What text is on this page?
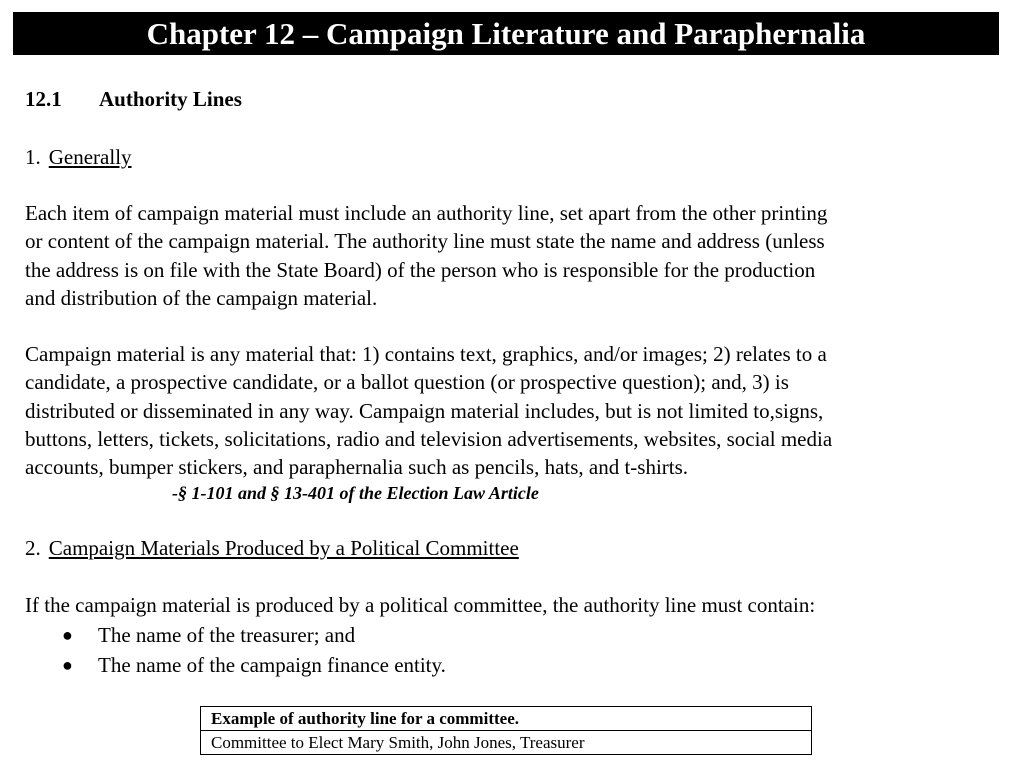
Chapter 12 – Campaign Literature and Paraphernalia
12.1 Authority Lines
1. Generally

Each item of campaign material must include an authority line, set apart from the other printing

or content of the campaign material. The authority line must state the name and address (unless

the address is on file with the State Board) of the person who is responsible for the production

and distribution of the campaign material.

Campaign material is any material that: 1) contains text, graphics, and/or images; 2) relates to a

candidate, a prospective candidate, or a ballot question (or prospective question); and, 3) is

distributed or disseminated in any way. Campaign material includes, but is not limited to,signs,

buttons, letters, tickets, solicitations, radio and television advertisements, websites, social media

accounts, bumper stickers, and paraphernalia such as pencils, hats, and t-shirts.

-§ 1-101 and § 13-401 of the Election Law Article
2. Campaign Materials Produced by a Political Committee

If the campaign material is produced by a political committee, the authority line must contain:

● The name of the treasurer; and
● The name of the campaign finance entity.
Example of authority line for a committee.
Committee to Elect Mary Smith, John Jones, Treasurer
